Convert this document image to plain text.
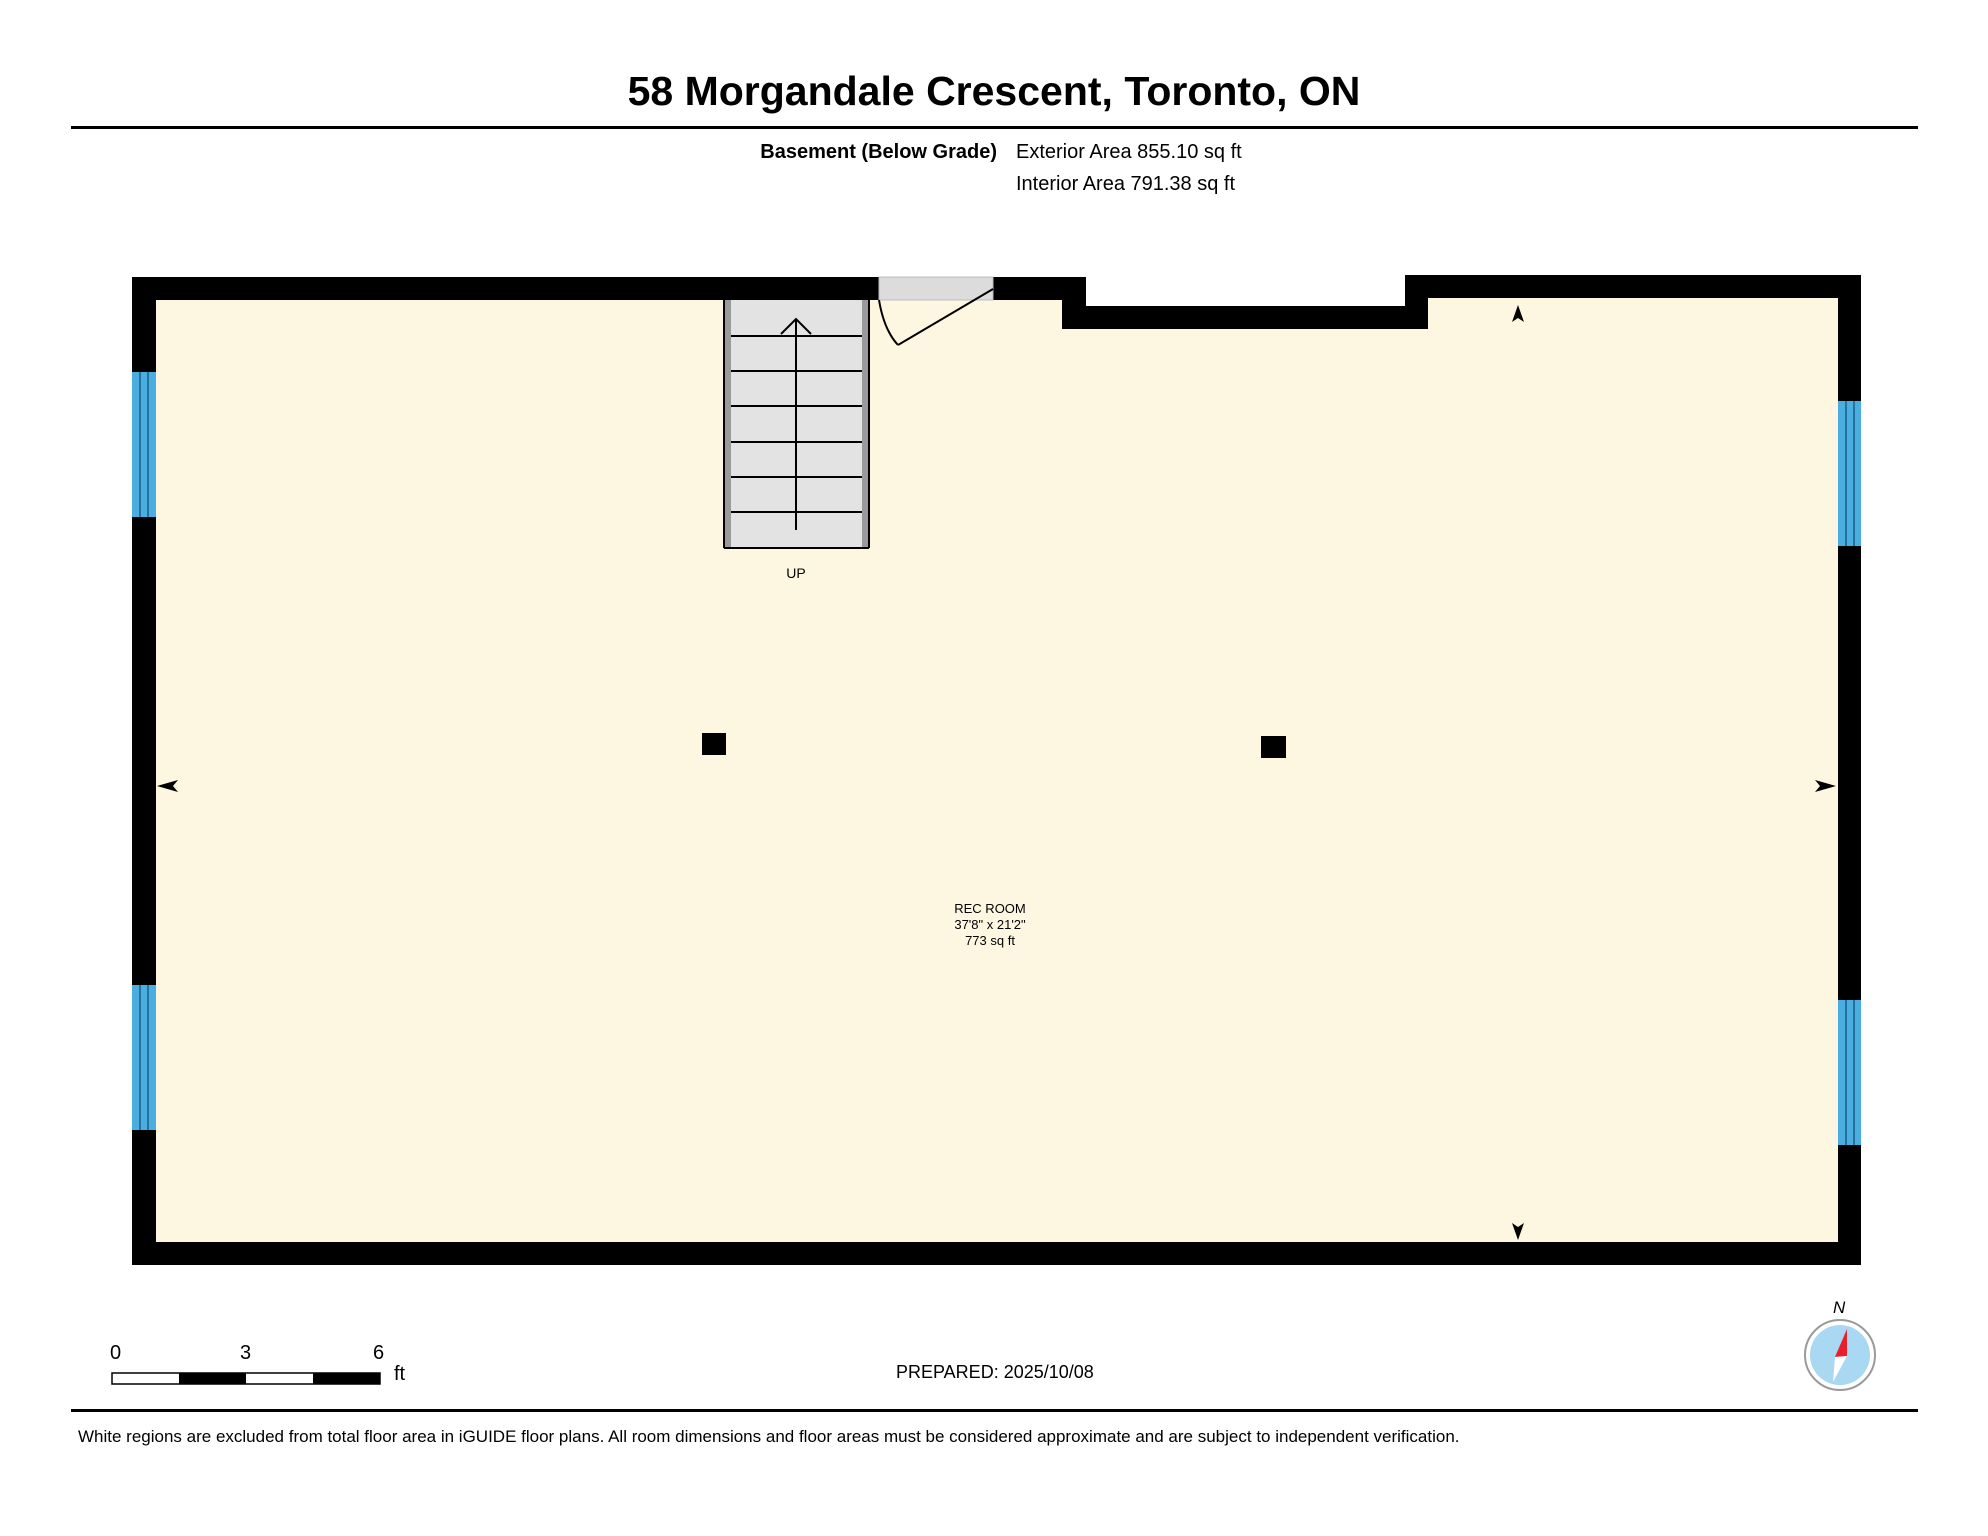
58 Morgandale Crescent, Toronto, ON
Basement (Below Grade) Exterior Area 855.10 sq ft
Interior Area 791.38 sq ft
UP
REC ROOM
37'8" x 21'2"
773 sq ft
0	3	6
ft
N
PREPARED: 2025/10/08
White regions are excluded from total floor area in iGUIDE floor plans. All room dimensions and floor areas must be considered approximate and are subject to independent verification.
